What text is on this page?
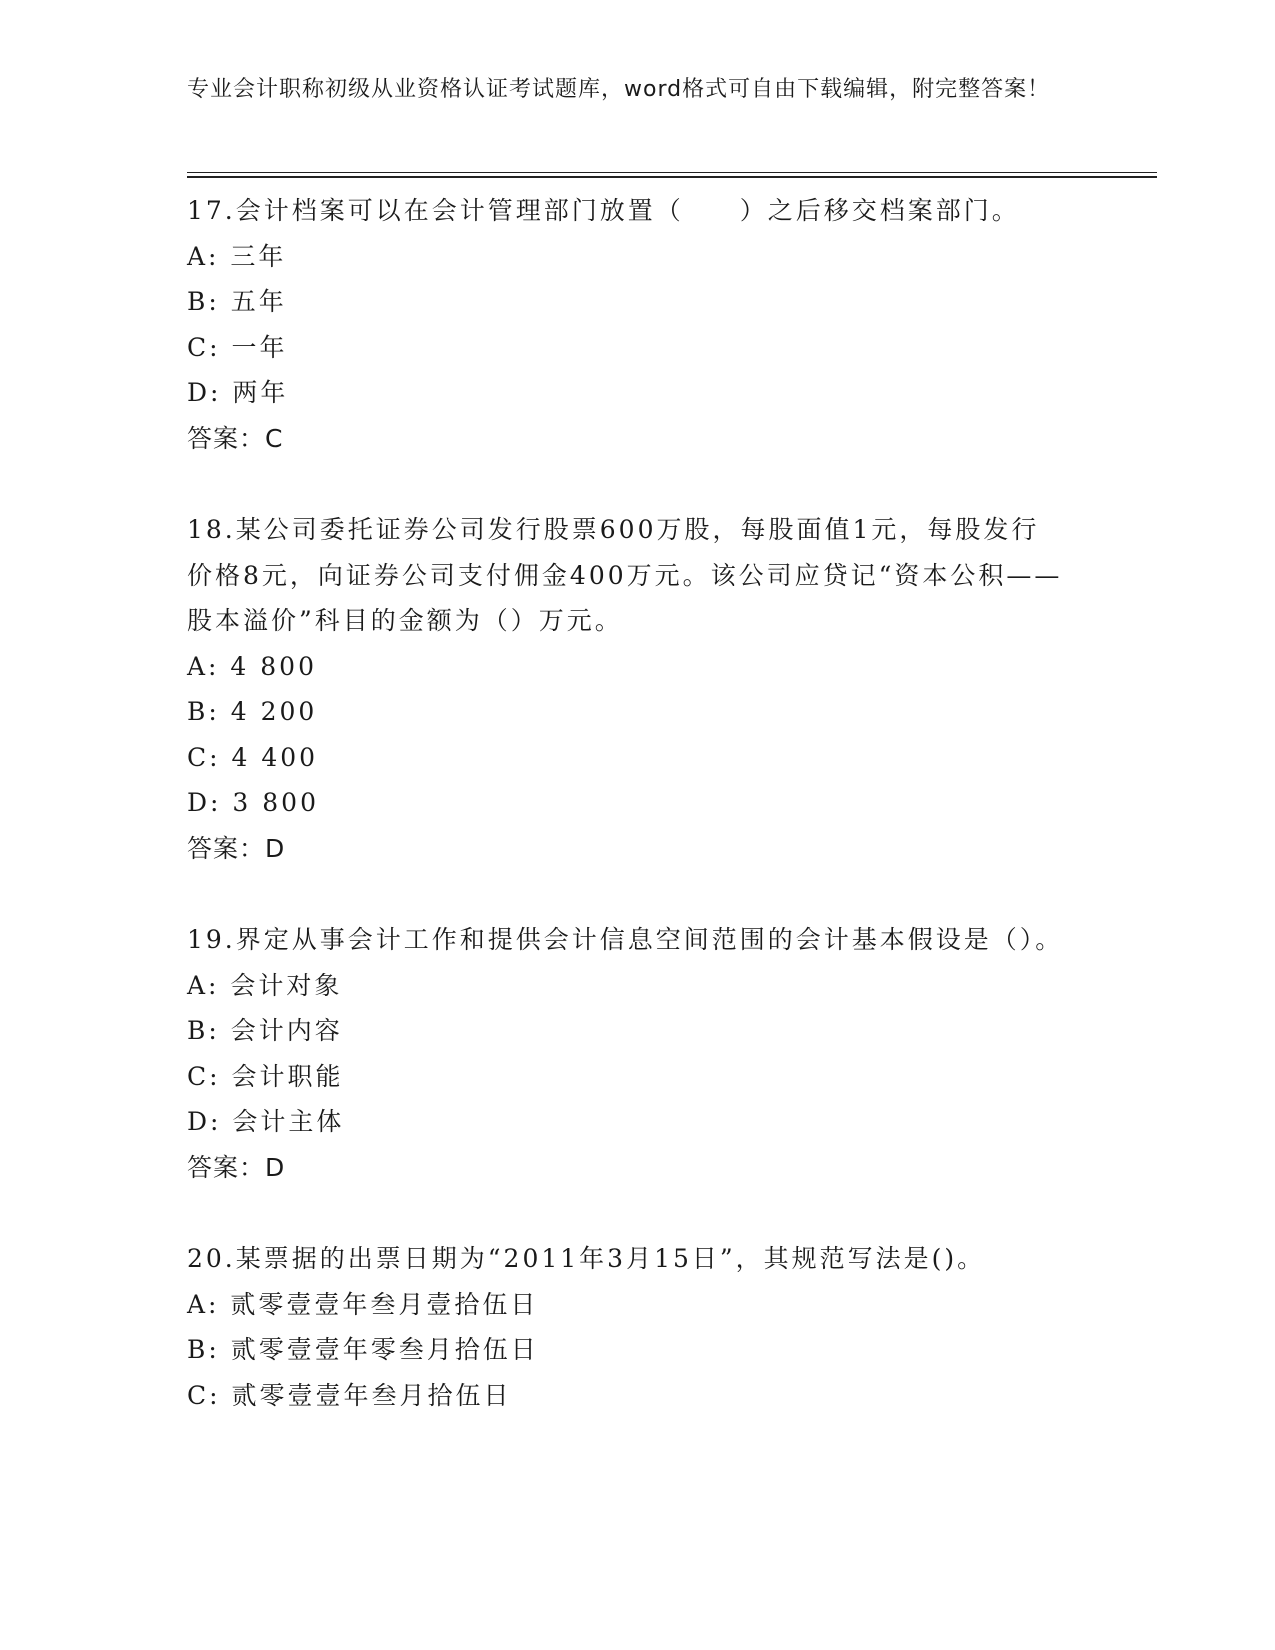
专业会计职称初级从业资格认证考试题库，word格式可自由下载编辑，附完整答案！
17.会计档案可以在会计管理部门放置（　　）之后移交档案部门。
A: 三年
B: 五年
C: 一年
D: 两年
答案：C
18.某公司委托证券公司发行股票600万股，每股面值1元，每股发行价格8元，向证券公司支付佣金400万元。该公司应贷记“资本公积——股本溢价”科目的金额为（）万元。
A: 4 800
B: 4 200
C: 4 400
D: 3 800
答案：D
19.界定从事会计工作和提供会计信息空间范围的会计基本假设是（）。
A: 会计对象
B: 会计内容
C: 会计职能
D: 会计主体
答案：D
20.某票据的出票日期为“2011年3月15日”，其规范写法是()。
A: 贰零壹壹年叁月壹拾伍日
B: 贰零壹壹年零叁月拾伍日
C: 贰零壹壹年叁月拾伍日
